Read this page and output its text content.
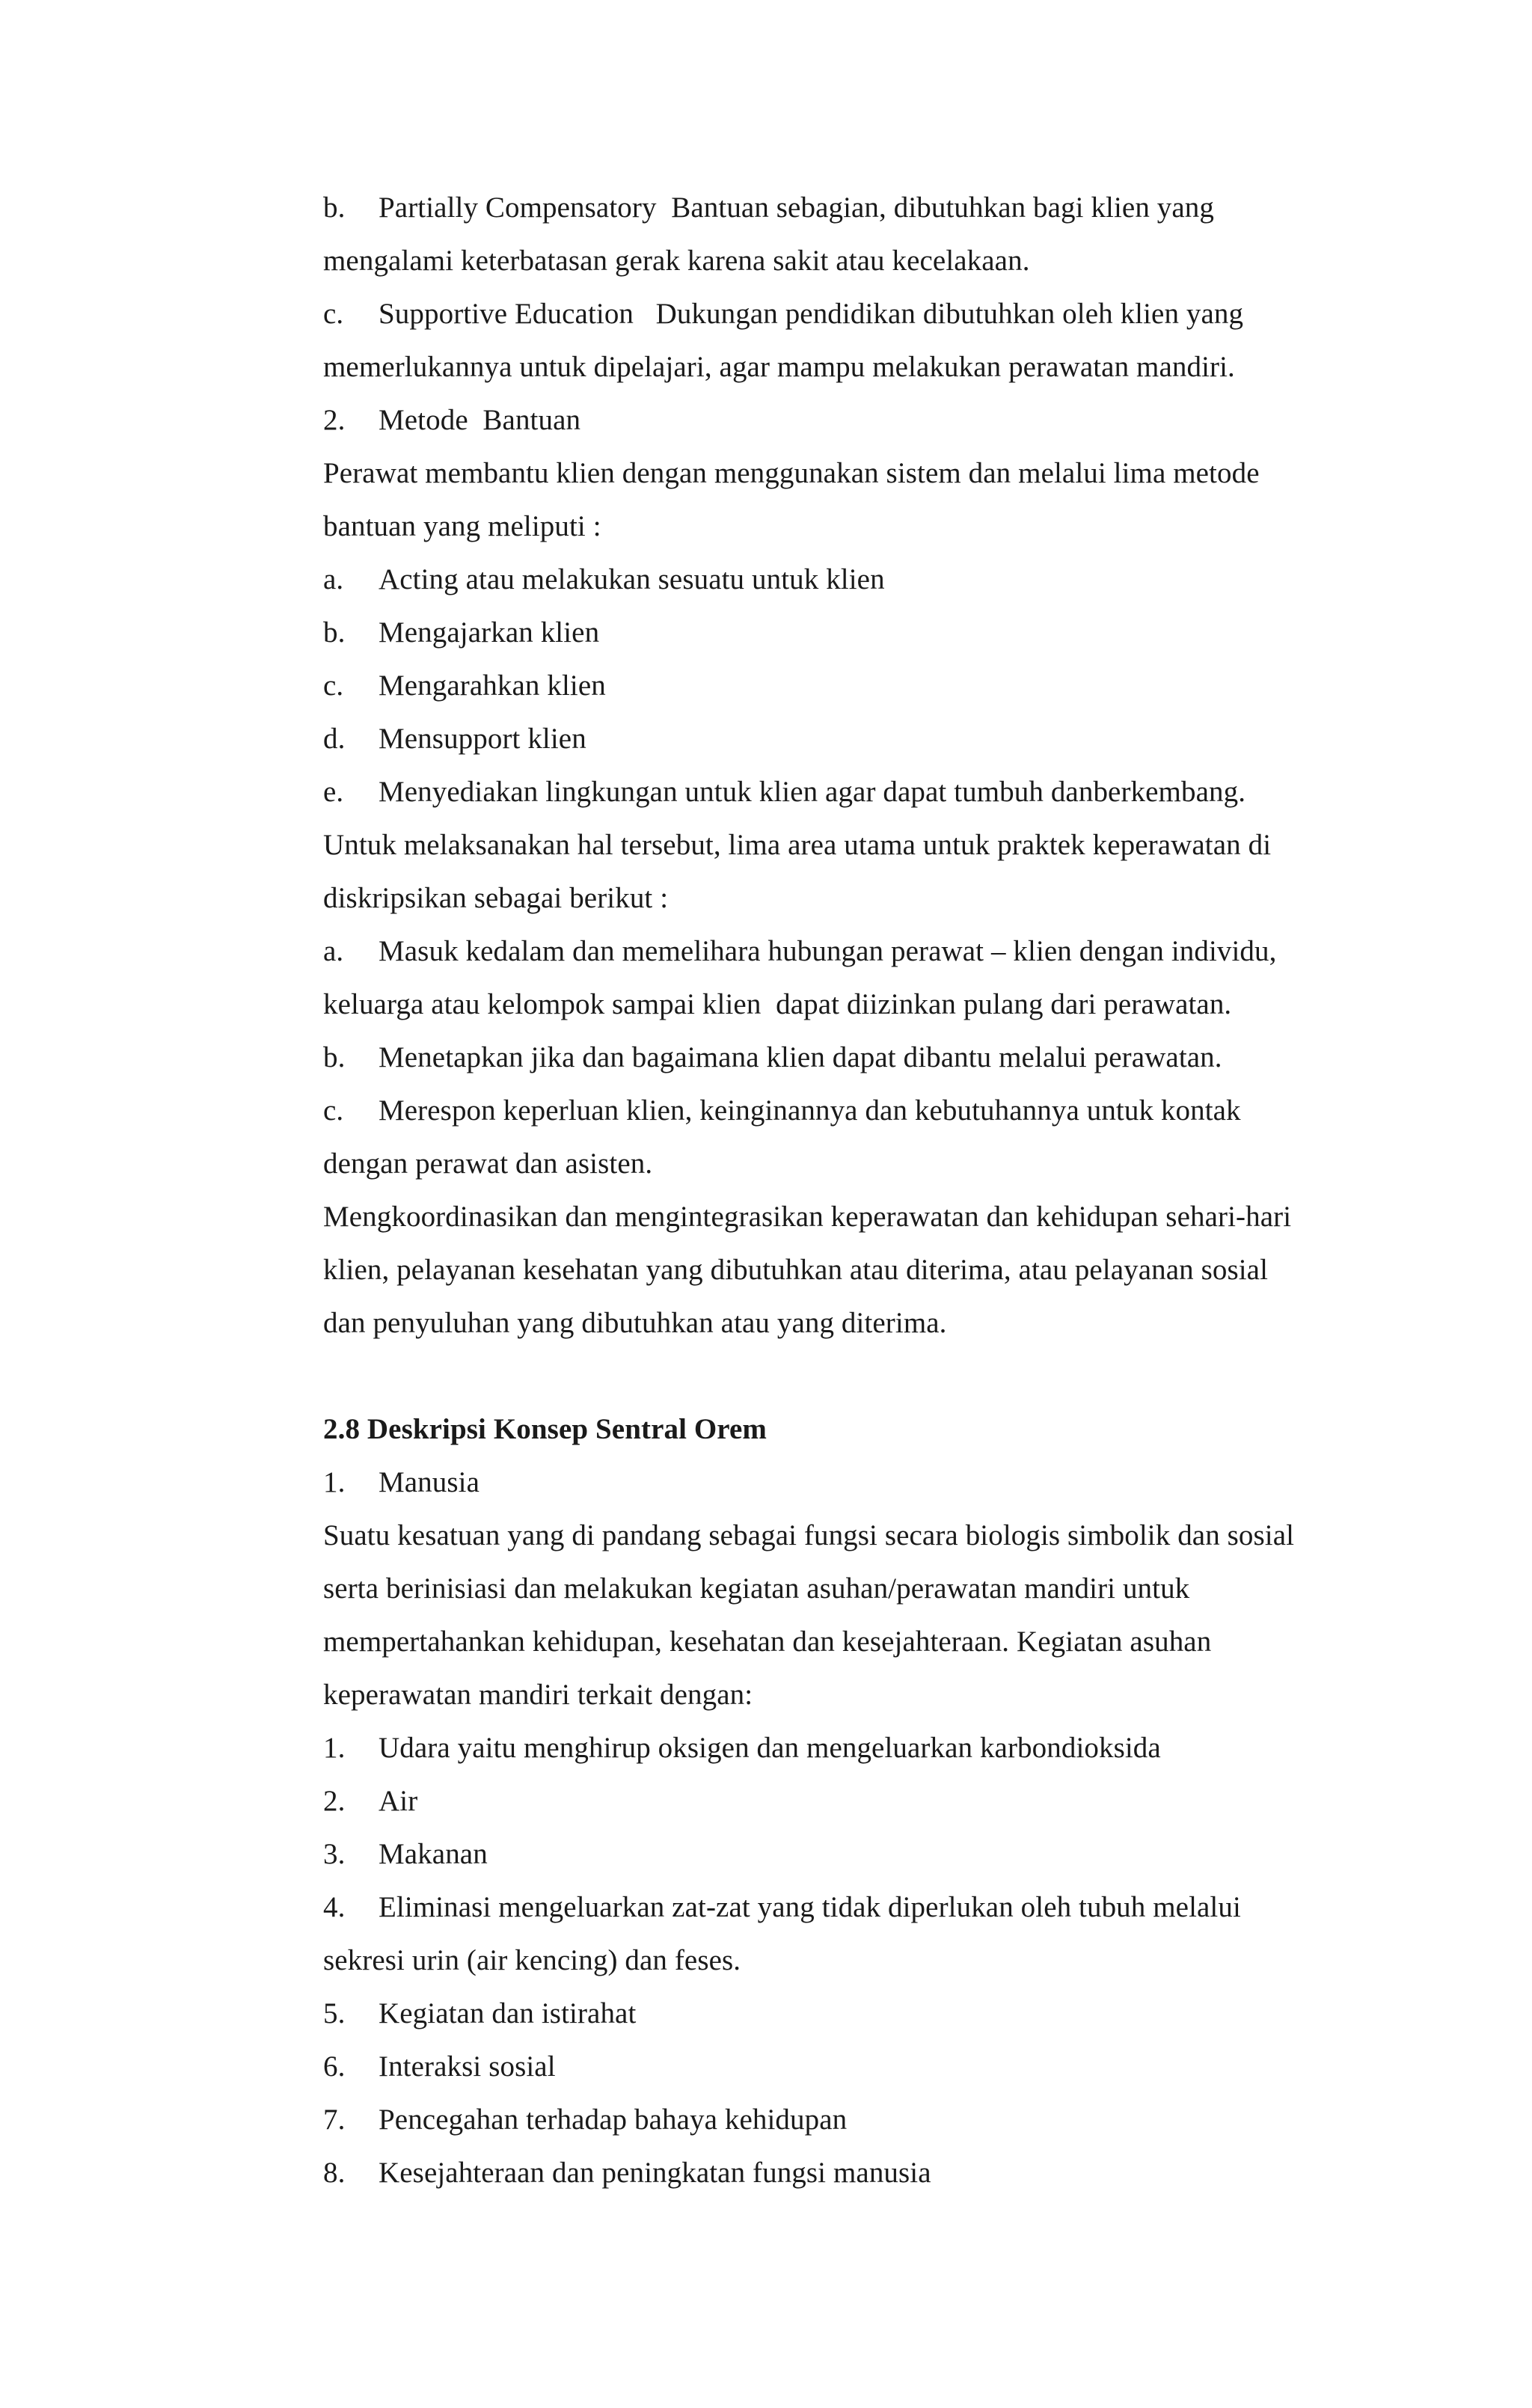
b. Partially Compensatory  Bantuan sebagian, dibutuhkan bagi klien yang
mengalami keterbatasan gerak karena sakit atau kecelakaan.
c. Supportive Education   Dukungan pendidikan dibutuhkan oleh klien yang
memerlukannya untuk dipelajari, agar mampu melakukan perawatan mandiri.
2. Metode  Bantuan
Perawat membantu klien dengan menggunakan sistem dan melalui lima metode
bantuan yang meliputi :
a. Acting atau melakukan sesuatu untuk klien
b. Mengajarkan klien
c. Mengarahkan klien
d. Mensupport klien
e. Menyediakan lingkungan untuk klien agar dapat tumbuh danberkembang.
Untuk melaksanakan hal tersebut, lima area utama untuk praktek keperawatan di
diskripsikan sebagai berikut :
a. Masuk kedalam dan memelihara hubungan perawat – klien dengan individu,
keluarga atau kelompok sampai klien  dapat diizinkan pulang dari perawatan.
b. Menetapkan jika dan bagaimana klien dapat dibantu melalui perawatan.
c. Merespon keperluan klien, keinginannya dan kebutuhannya untuk kontak
dengan perawat dan asisten.
Mengkoordinasikan dan mengintegrasikan keperawatan dan kehidupan sehari-hari
klien, pelayanan kesehatan yang dibutuhkan atau diterima, atau pelayanan sosial
dan penyuluhan yang dibutuhkan atau yang diterima.
2.8 Deskripsi Konsep Sentral Orem
1. Manusia
Suatu kesatuan yang di pandang sebagai fungsi secara biologis simbolik dan sosial
serta berinisiasi dan melakukan kegiatan asuhan/perawatan mandiri untuk
mempertahankan kehidupan, kesehatan dan kesejahteraan. Kegiatan asuhan
keperawatan mandiri terkait dengan:
1. Udara yaitu menghirup oksigen dan mengeluarkan karbondioksida
2. Air
3. Makanan
4. Eliminasi mengeluarkan zat-zat yang tidak diperlukan oleh tubuh melalui
sekresi urin (air kencing) dan feses.
5. Kegiatan dan istirahat
6. Interaksi sosial
7. Pencegahan terhadap bahaya kehidupan
8. Kesejahteraan dan peningkatan fungsi manusia
